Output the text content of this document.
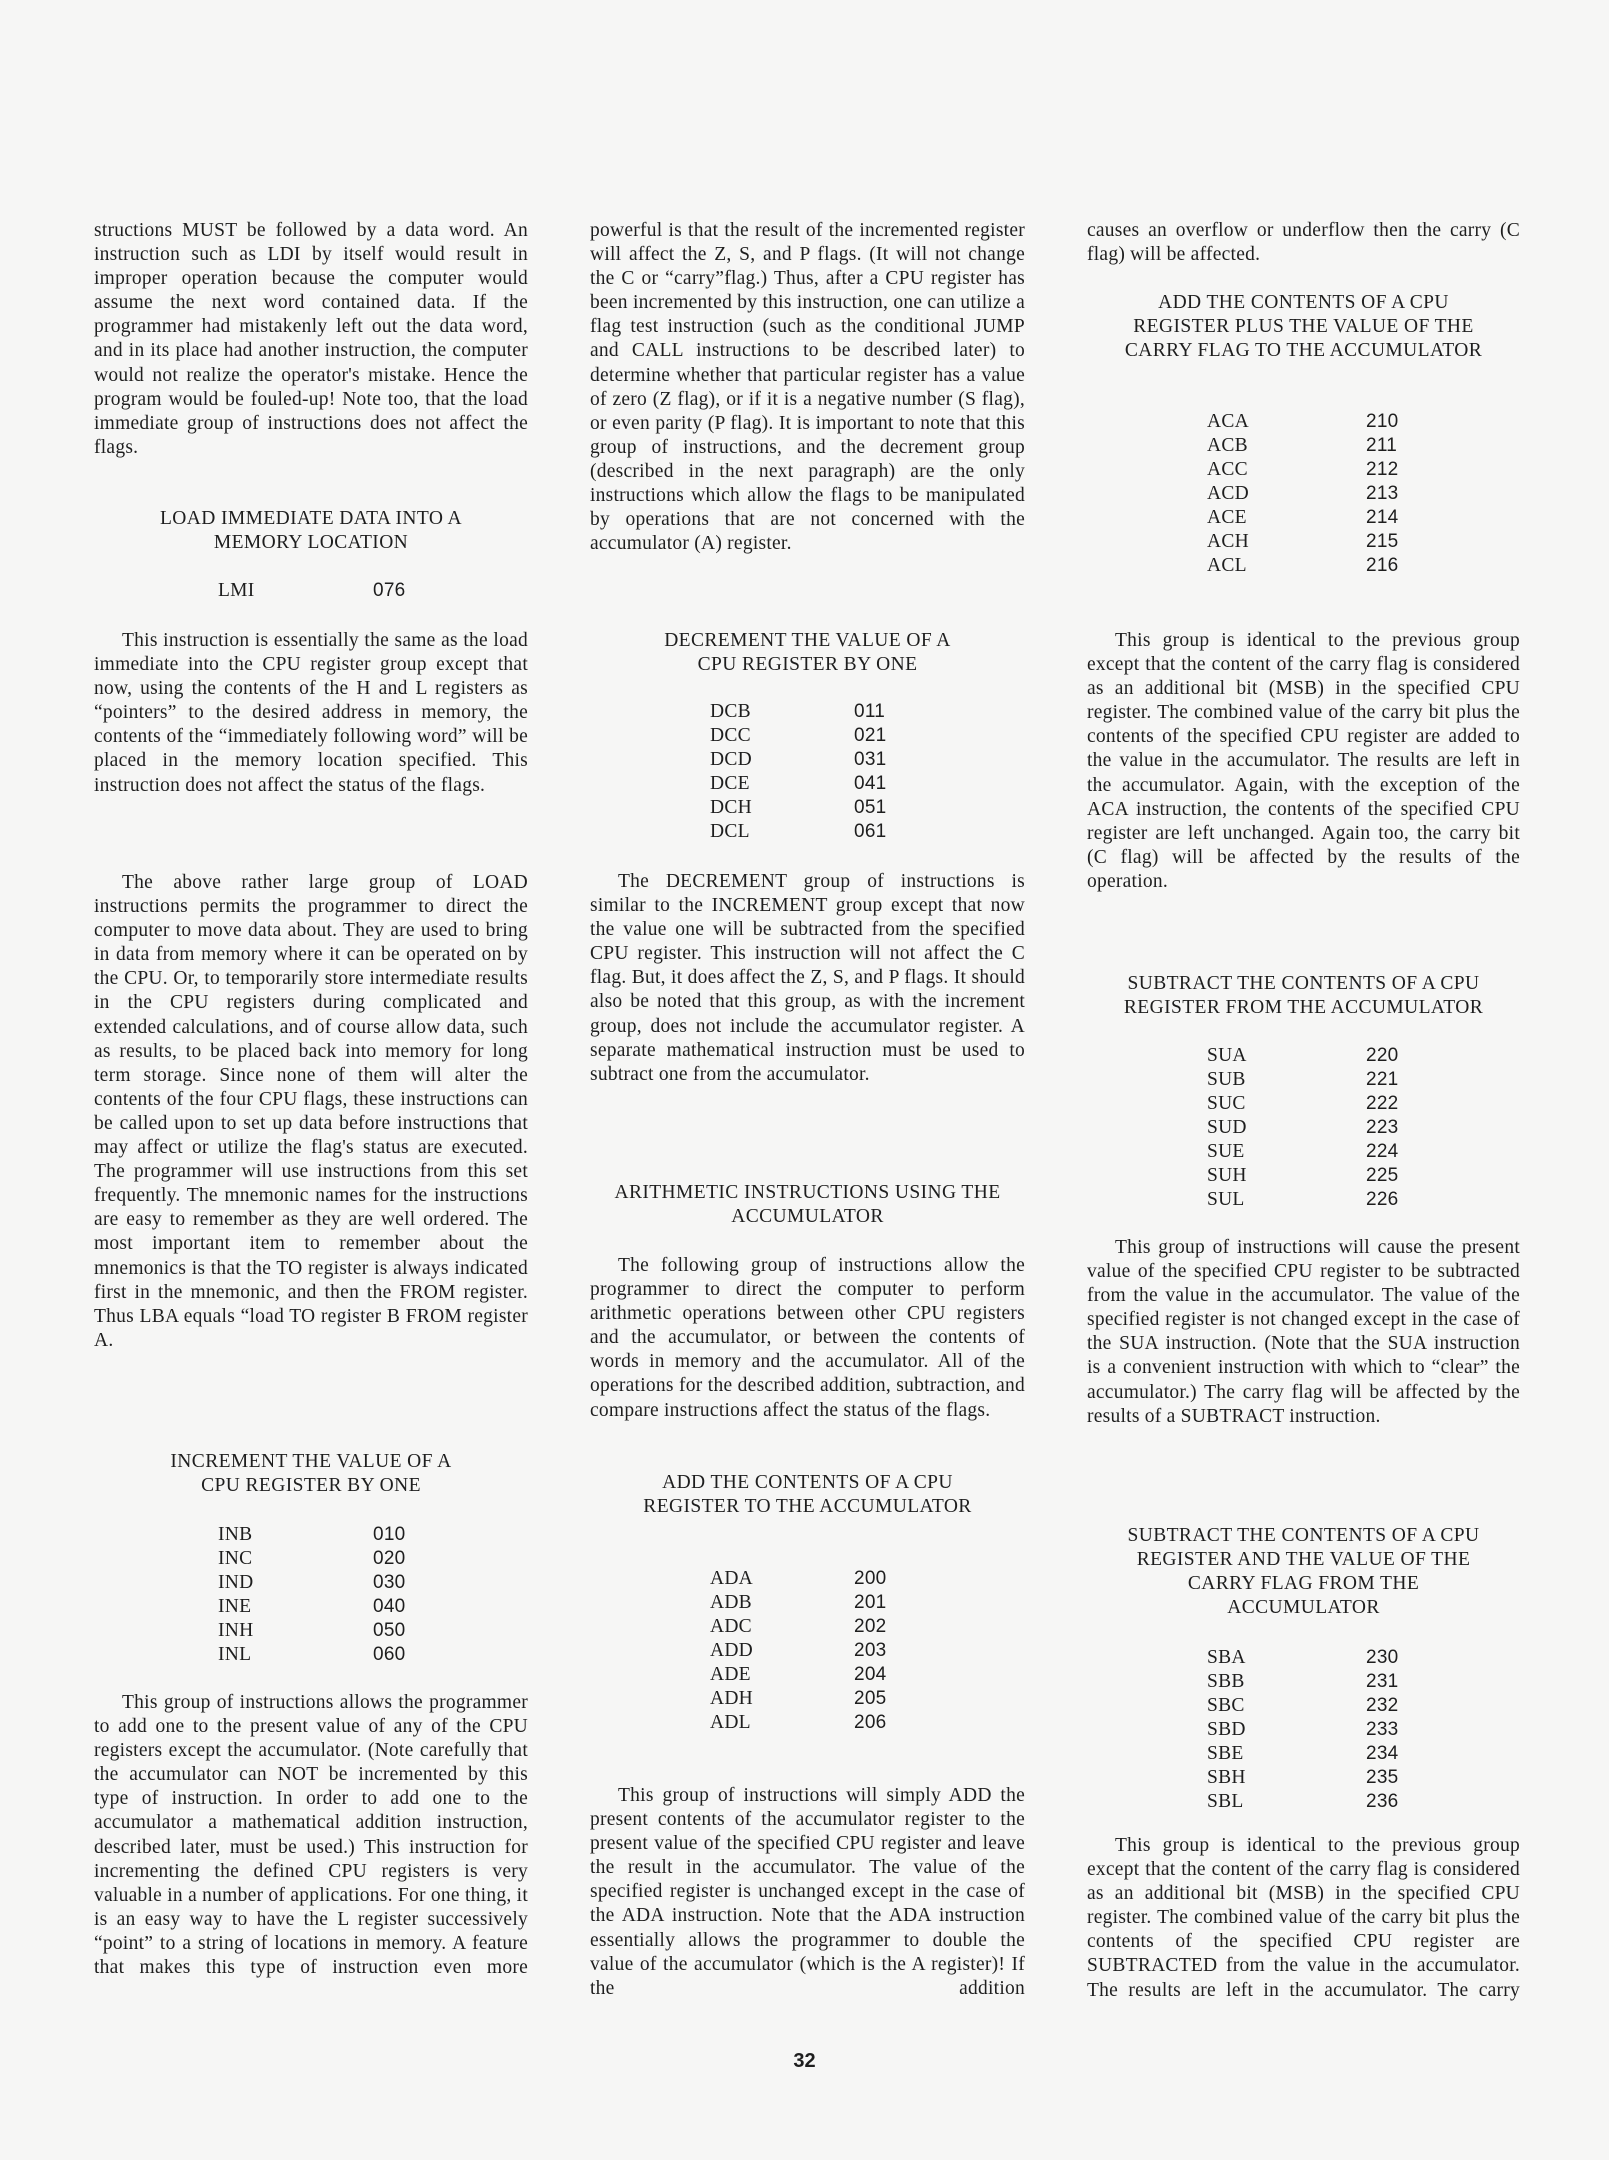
structions MUST be followed by a data word. An instruction such as LDI by itself would result in improper operation because the computer would assume the next word contained data. If the programmer had mistakenly left out the data word, and in its place had another instruction, the computer would not realize the operator's mistake. Hence the program would be fouled-up! Note too, that the load immediate group of instructions does not affect the flags.
LOAD IMMEDIATE DATA INTO A
MEMORY LOCATION
LMI	076
This instruction is essentially the same as the load immediate into the CPU register group except that now, using the contents of the H and L registers as “pointers” to the desired address in memory, the contents of the “immediately following word” will be placed in the memory location specified. This instruction does not affect the status of the flags.
The above rather large group of LOAD instructions permits the programmer to direct the computer to move data about. They are used to bring in data from memory where it can be operated on by the CPU. Or, to temporarily store intermediate results in the CPU registers during complicated and extended calculations, and of course allow data, such as results, to be placed back into memory for long term storage. Since none of them will alter the contents of the four CPU flags, these instructions can be called upon to set up data before instructions that may affect or utilize the flag's status are executed. The programmer will use instructions from this set frequently. The mnemonic names for the instructions are easy to remember as they are well ordered. The most important item to remember about the mnemonics is that the TO register is always indicated first in the mnemonic, and then the FROM register. Thus LBA equals “load TO register B FROM register A.
INCREMENT THE VALUE OF A
CPU REGISTER BY ONE
INB	010
INC	020
IND	030
INE	040
INH	050
INL	060
This group of instructions allows the programmer to add one to the present value of any of the CPU registers except the accumulator. (Note carefully that the accumulator can NOT be incremented by this type of instruction. In order to add one to the accumulator a mathematical addition instruction, described later, must be used.) This instruction for incrementing the defined CPU registers is very valuable in a number of applications. For one thing, it is an easy way to have the L register successively “point” to a string of locations in memory. A feature that makes this type of instruction even more
powerful is that the result of the incremented register will affect the Z, S, and P flags. (It will not change the C or “carry”flag.) Thus, after a CPU register has been incremented by this instruction, one can utilize a flag test instruction (such as the conditional JUMP and CALL instructions to be described later) to determine whether that particular register has a value of zero (Z flag), or if it is a negative number (S flag), or even parity (P flag). It is important to note that this group of instructions, and the decrement group (described in the next paragraph) are the only instructions which allow the flags to be manipulated by operations that are not concerned with the accumulator (A) register.
DECREMENT THE VALUE OF A
CPU REGISTER BY ONE
DCB	011
DCC	021
DCD	031
DCE	041
DCH	051
DCL	061
The DECREMENT group of instructions is similar to the INCREMENT group except that now the value one will be subtracted from the specified CPU register. This instruction will not affect the C flag. But, it does affect the Z, S, and P flags. It should also be noted that this group, as with the increment group, does not include the accumulator register. A separate mathematical instruction must be used to subtract one from the accumulator.
ARITHMETIC INSTRUCTIONS USING THE
ACCUMULATOR
The following group of instructions allow the programmer to direct the computer to perform arithmetic operations between other CPU registers and the accumulator, or between the contents of words in memory and the accumulator. All of the operations for the described addition, subtraction, and compare instructions affect the status of the flags.
ADD THE CONTENTS OF A CPU
REGISTER TO THE ACCUMULATOR
ADA	200
ADB	201
ADC	202
ADD	203
ADE	204
ADH	205
ADL	206
This group of instructions will simply ADD the present contents of the accumulator register to the present value of the specified CPU register and leave the result in the accumulator. The value of the specified register is unchanged except in the case of the ADA instruction. Note that the ADA instruction essentially allows the programmer to double the value of the accumulator (which is the A register)! If the addition
causes an overflow or underflow then the carry (C flag) will be affected.
ADD THE CONTENTS OF A CPU
REGISTER PLUS THE VALUE OF THE
CARRY FLAG TO THE ACCUMULATOR
ACA	210
ACB	211
ACC	212
ACD	213
ACE	214
ACH	215
ACL	216
This group is identical to the previous group except that the content of the carry flag is considered as an additional bit (MSB) in the specified CPU register. The combined value of the carry bit plus the contents of the specified CPU register are added to the value in the accumulator. The results are left in the accumulator. Again, with the exception of the ACA instruction, the contents of the specified CPU register are left unchanged. Again too, the carry bit (C flag) will be affected by the results of the operation.
SUBTRACT THE CONTENTS OF A CPU
REGISTER FROM THE ACCUMULATOR
SUA	220
SUB	221
SUC	222
SUD	223
SUE	224
SUH	225
SUL	226
This group of instructions will cause the present value of the specified CPU register to be subtracted from the value in the accumulator. The value of the specified register is not changed except in the case of the SUA instruction. (Note that the SUA instruction is a convenient instruction with which to “clear” the accumulator.) The carry flag will be affected by the results of a SUBTRACT instruction.
SUBTRACT THE CONTENTS OF A CPU
REGISTER AND THE VALUE OF THE
CARRY FLAG FROM THE
ACCUMULATOR
SBA	230
SBB	231
SBC	232
SBD	233
SBE	234
SBH	235
SBL	236
This group is identical to the previous group except that the content of the carry flag is considered as an additional bit (MSB) in the specified CPU register. The combined value of the carry bit plus the contents of the specified CPU register are SUBTRACTED from the value in the accumulator. The results are left in the accumulator. The carry
32
